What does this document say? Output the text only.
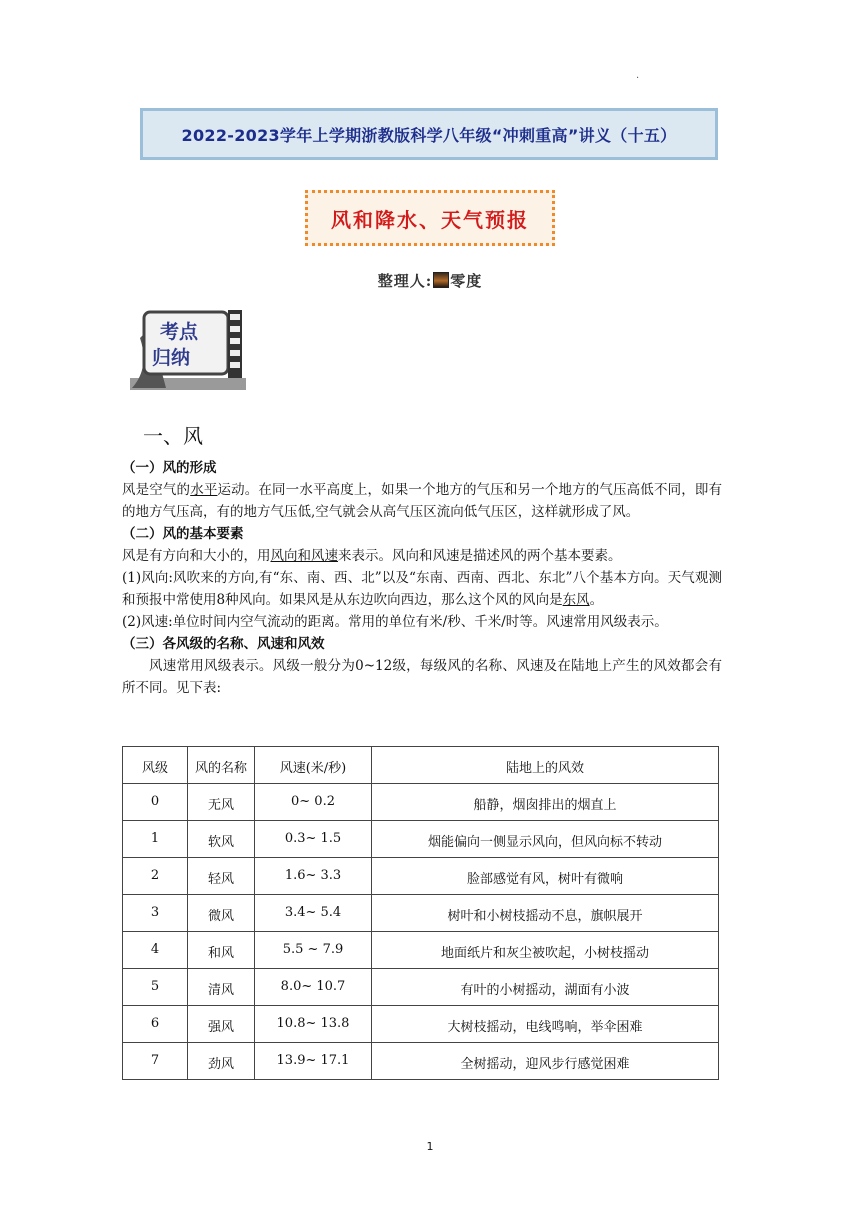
.
2022-2023学年上学期浙教版科学八年级“冲刺重高”讲义（十五）
风和降水、天气预报
整理人: 零度
考点
归纳
一、风

（一）风的形成

风是空气的水平运动。在同一水平高度上，如果一个地方的气压和另一个地方的气压高低不同，即有的地方气压高，有的地方气压低,空气就会从高气压区流向低气压区，这样就形成了风。

（二）风的基本要素

风是有方向和大小的，用风向和风速来表示。风向和风速是描述风的两个基本要素。

(1)风向:风吹来的方向,有“东、南、西、北”以及“东南、西南、西北、东北”八个基本方向。天气观测和预报中常使用8种风向。如果风是从东边吹向西边，那么这个风的风向是东风。

(2)风速:单位时间内空气流动的距离。常用的单位有米/秒、千米/时等。风速常用风级表示。

（三）各风级的名称、风速和风效

风速常用风级表示。风级一般分为0~12级，每级风的名称、风速及在陆地上产生的风效都会有所不同。见下表:

风级	风的名称	风速(米/秒)	陆地上的风效
0	无风	0~ 0.2	船静，烟囱排出的烟直上
1	软风	0.3~ 1.5	烟能偏向一侧显示风向，但风向标不转动
2	轻风	1.6~ 3.3	脸部感觉有风，树叶有微响
3	微风	3.4~ 5.4	树叶和小树枝摇动不息，旗帜展开
4	和风	5.5 ~ 7.9	地面纸片和灰尘被吹起，小树枝摇动
5	清风	8.0~ 10.7	有叶的小树摇动，湖面有小波
6	强风	10.8~ 13.8	大树枝摇动，电线鸣响，举伞困难
7	劲风	13.9~ 17.1	全树摇动，迎风步行感觉困难
1
